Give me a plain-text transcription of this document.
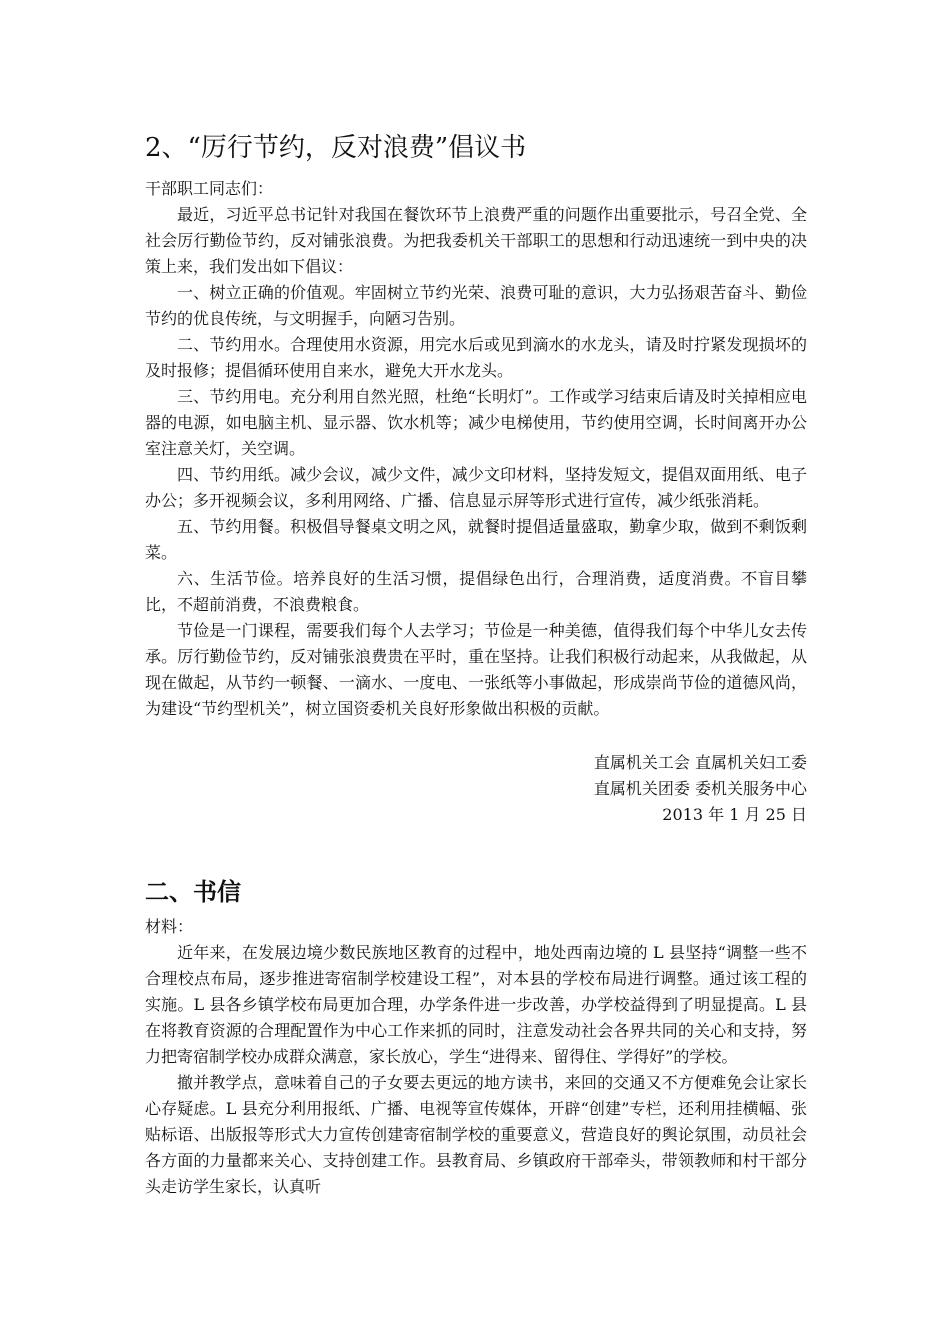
2、“厉行节约，反对浪费”倡议书

干部职工同志们：

最近，习近平总书记针对我国在餐饮环节上浪费严重的问题作出重要批示，号召全党、全社会厉行勤俭节约，反对铺张浪费。为把我委机关干部职工的思想和行动迅速统一到中央的决策上来，我们发出如下倡议：

一、树立正确的价值观。牢固树立节约光荣、浪费可耻的意识，大力弘扬艰苦奋斗、勤俭节约的优良传统，与文明握手，向陋习告别。

二、节约用水。合理使用水资源，用完水后或见到滴水的水龙头，请及时拧紧发现损坏的及时报修；提倡循环使用自来水，避免大开水龙头。

三、节约用电。充分利用自然光照，杜绝“长明灯”。工作或学习结束后请及时关掉相应电器的电源，如电脑主机、显示器、饮水机等；减少电梯使用，节约使用空调，长时间离开办公室注意关灯，关空调。

四、节约用纸。减少会议，减少文件，减少文印材料，坚持发短文，提倡双面用纸、电子办公；多开视频会议，多利用网络、广播、信息显示屏等形式进行宣传，减少纸张消耗。

五、节约用餐。积极倡导餐桌文明之风，就餐时提倡适量盛取，勤拿少取，做到不剩饭剩菜。

六、生活节俭。培养良好的生活习惯，提倡绿色出行，合理消费，适度消费。不盲目攀比，不超前消费，不浪费粮食。

节俭是一门课程，需要我们每个人去学习；节俭是一种美德，值得我们每个中华儿女去传承。厉行勤俭节约，反对铺张浪费贵在平时，重在坚持。让我们积极行动起来，从我做起，从现在做起，从节约一顿餐、一滴水、一度电、一张纸等小事做起，形成崇尚节俭的道德风尚，为建设“节约型机关”，树立国资委机关良好形象做出积极的贡献。

直属机关工会 直属机关妇工委

直属机关团委 委机关服务中心

2013 年 1 月 25 日

二、书信

材料：

近年来，在发展边境少数民族地区教育的过程中，地处西南边境的 L 县坚持“调整一些不合理校点布局，逐步推进寄宿制学校建设工程”，对本县的学校布局进行调整。通过该工程的实施。L 县各乡镇学校布局更加合理，办学条件进一步改善，办学校益得到了明显提高。L 县在将教育资源的合理配置作为中心工作来抓的同时，注意发动社会各界共同的关心和支持，努力把寄宿制学校办成群众满意，家长放心，学生“进得来、留得住、学得好”的学校。

撤并教学点，意味着自己的子女要去更远的地方读书，来回的交通又不方便难免会让家长心存疑虑。L 县充分利用报纸、广播、电视等宣传媒体，开辟“创建”专栏，还利用挂横幅、张贴标语、出版报等形式大力宣传创建寄宿制学校的重要意义，营造良好的舆论氛围，动员社会各方面的力量都来关心、支持创建工作。县教育局、乡镇政府干部牵头，带领教师和村干部分头走访学生家长，认真听
